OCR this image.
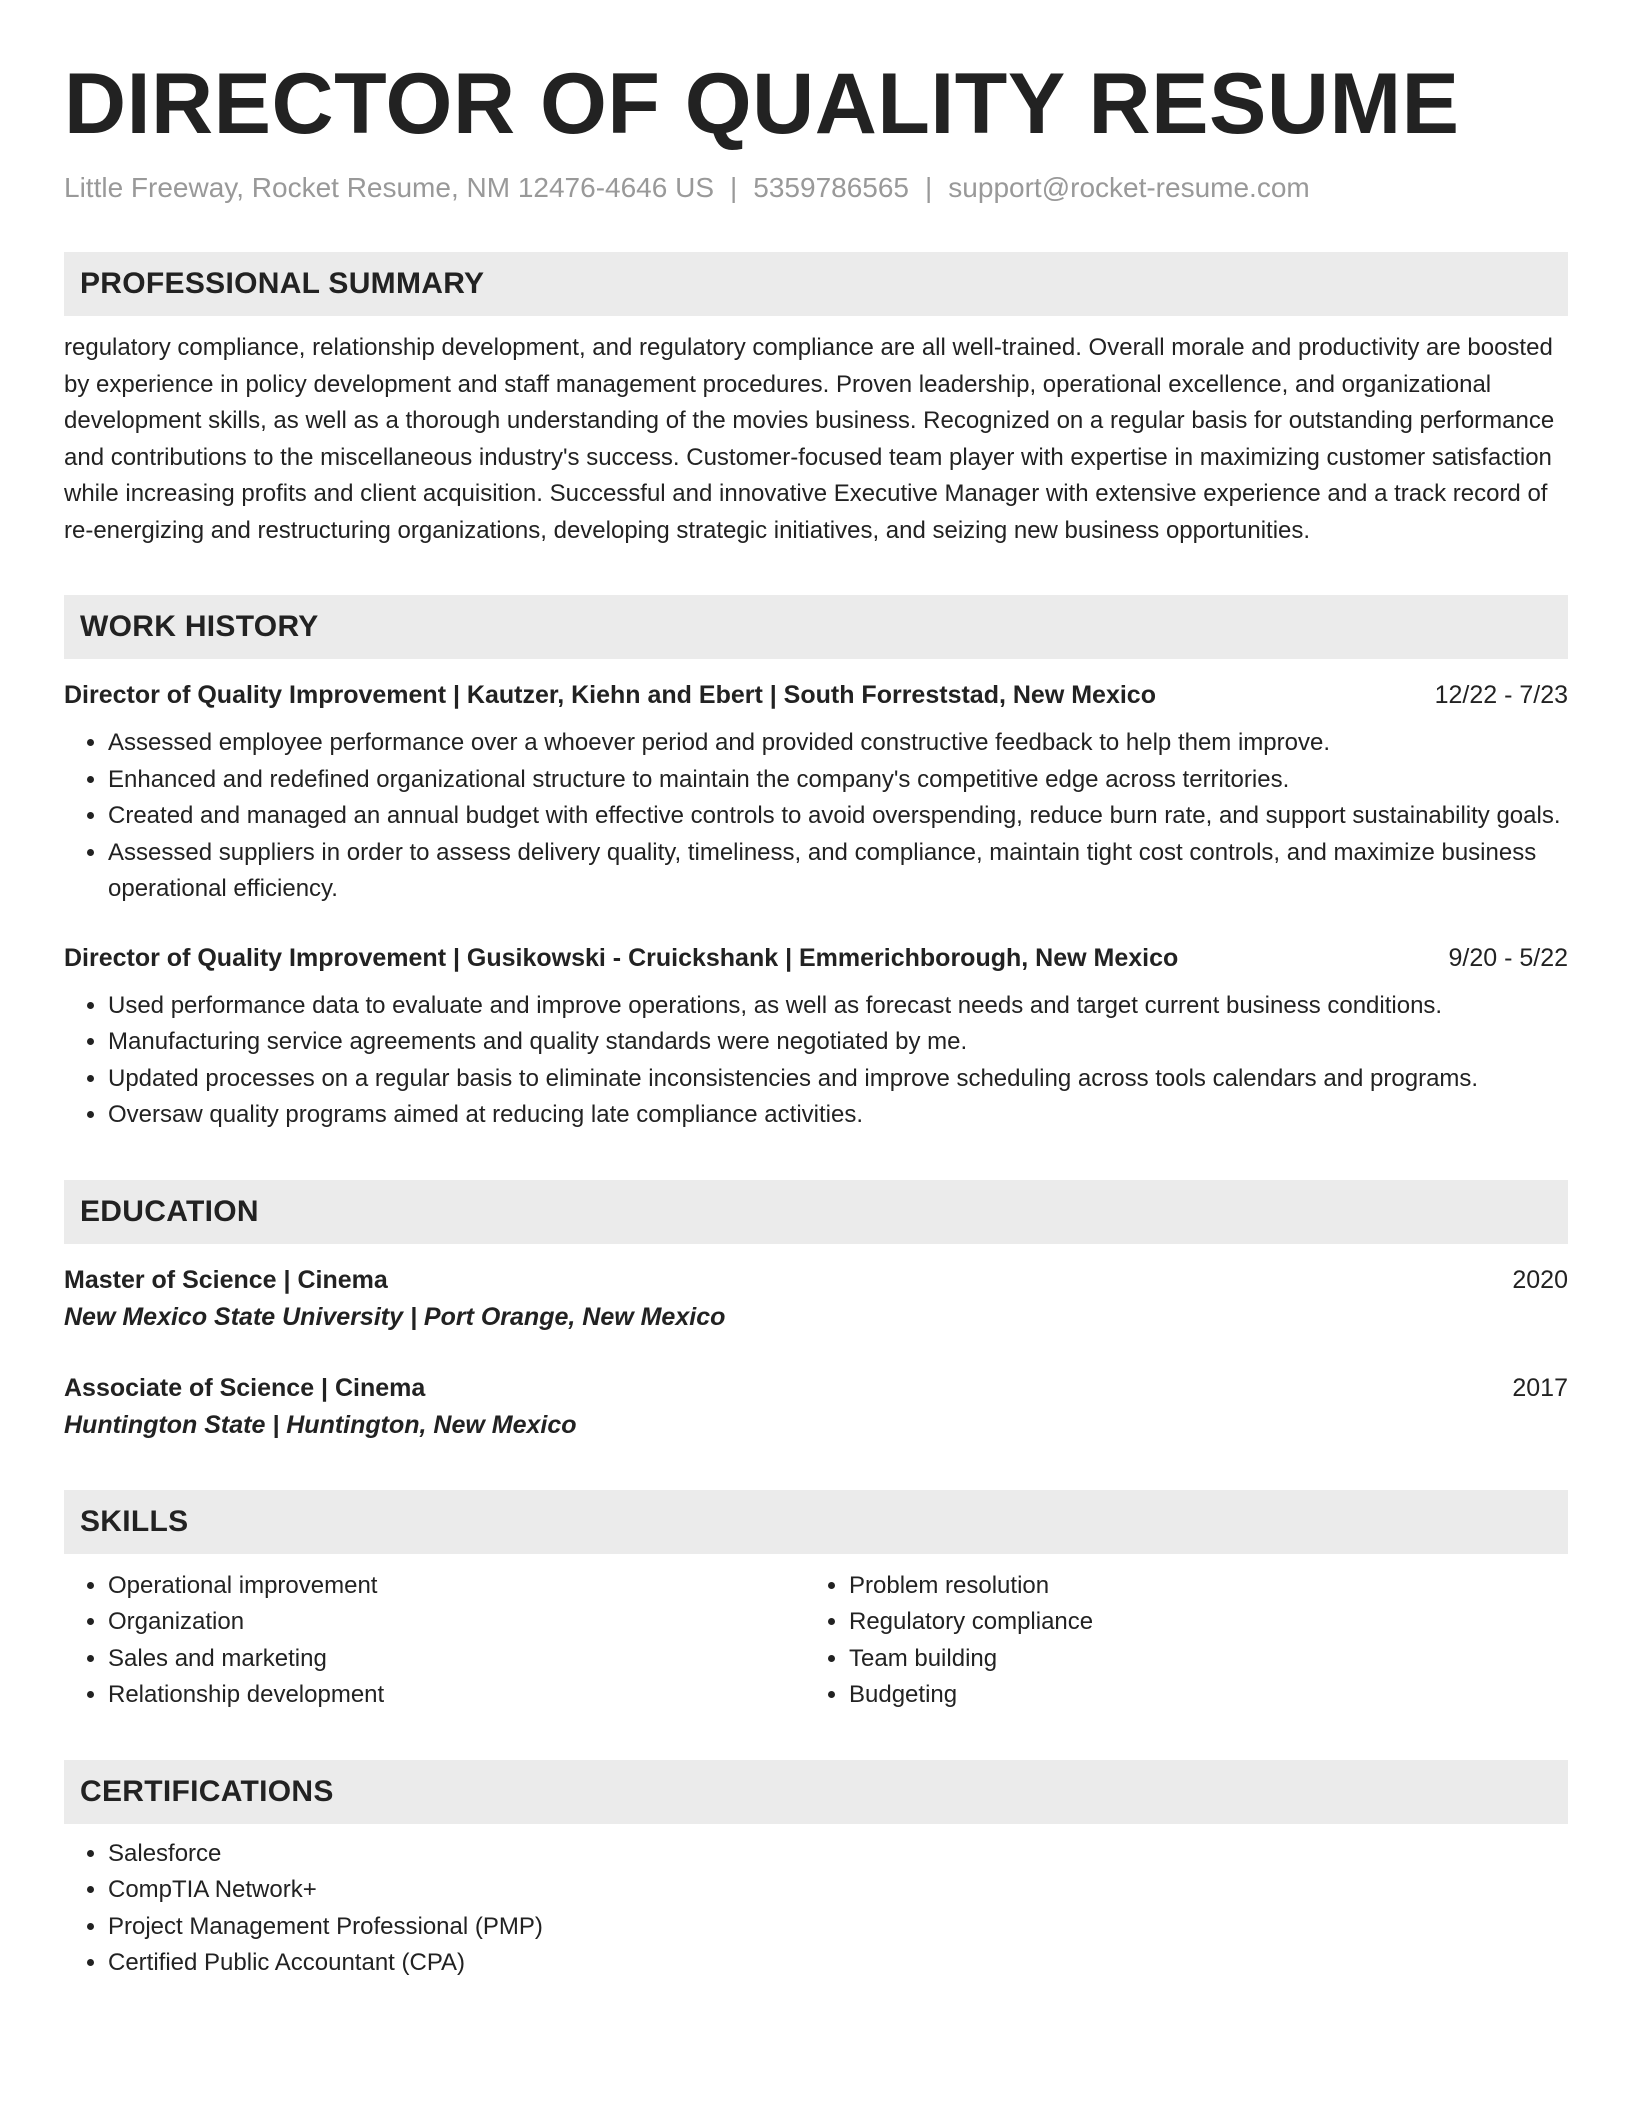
DIRECTOR OF QUALITY RESUME
Little Freeway, Rocket Resume, NM 12476-4646 US | 5359786565 | support@rocket-resume.com
PROFESSIONAL SUMMARY
regulatory compliance, relationship development, and regulatory compliance are all well-trained. Overall morale and productivity are boosted by experience in policy development and staff management procedures. Proven leadership, operational excellence, and organizational development skills, as well as a thorough understanding of the movies business. Recognized on a regular basis for outstanding performance and contributions to the miscellaneous industry's success. Customer-focused team player with expertise in maximizing customer satisfaction while increasing profits and client acquisition. Successful and innovative Executive Manager with extensive experience and a track record of re-energizing and restructuring organizations, developing strategic initiatives, and seizing new business opportunities.
WORK HISTORY
Director of Quality Improvement | Kautzer, Kiehn and Ebert | South Forreststad, New Mexico	12/22 - 7/23
• Assessed employee performance over a whoever period and provided constructive feedback to help them improve.
• Enhanced and redefined organizational structure to maintain the company's competitive edge across territories.
• Created and managed an annual budget with effective controls to avoid overspending, reduce burn rate, and support sustainability goals.
• Assessed suppliers in order to assess delivery quality, timeliness, and compliance, maintain tight cost controls, and maximize business operational efficiency.
Director of Quality Improvement | Gusikowski - Cruickshank | Emmerichborough, New Mexico	9/20 - 5/22
• Used performance data to evaluate and improve operations, as well as forecast needs and target current business conditions.
• Manufacturing service agreements and quality standards were negotiated by me.
• Updated processes on a regular basis to eliminate inconsistencies and improve scheduling across tools calendars and programs.
• Oversaw quality programs aimed at reducing late compliance activities.
EDUCATION
Master of Science | Cinema	2020
New Mexico State University | Port Orange, New Mexico
Associate of Science | Cinema	2017
Huntington State | Huntington, New Mexico
SKILLS
• Operational improvement
• Organization
• Sales and marketing
• Relationship development
• Problem resolution
• Regulatory compliance
• Team building
• Budgeting
CERTIFICATIONS
• Salesforce
• CompTIA Network+
• Project Management Professional (PMP)
• Certified Public Accountant (CPA)
